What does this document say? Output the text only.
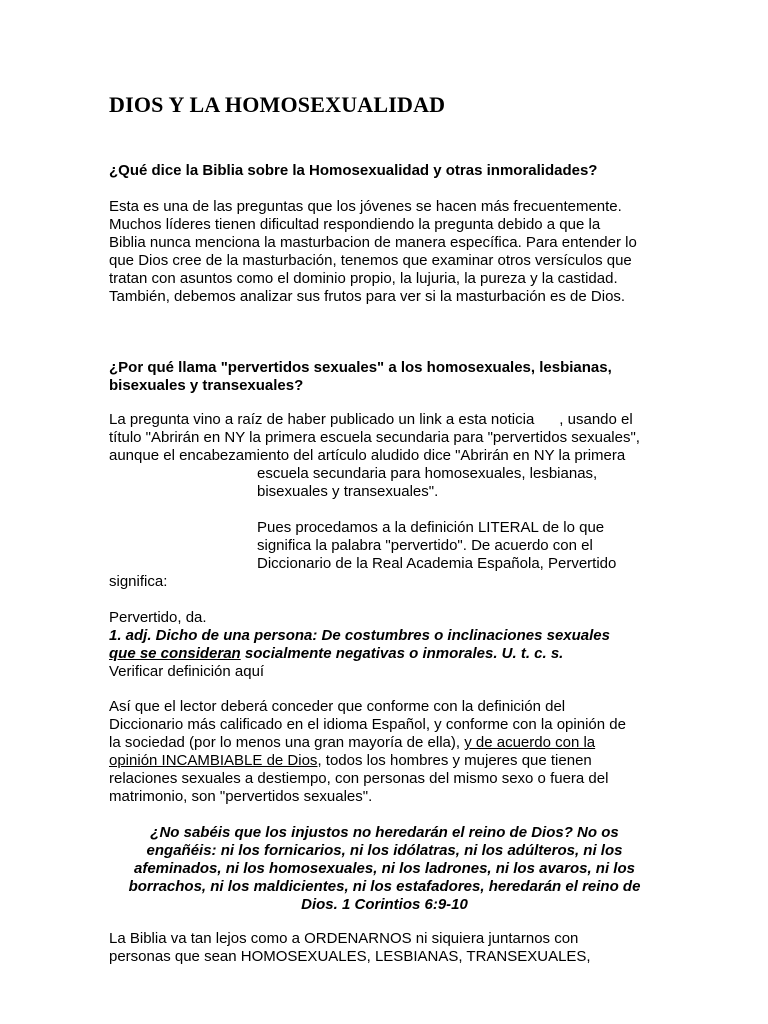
DIOS Y LA HOMOSEXUALIDAD

¿Qué dice la Biblia sobre la Homosexualidad y otras inmoralidades?

Esta es una de las preguntas que los jóvenes se hacen más frecuentemente.
Muchos líderes tienen dificultad respondiendo la pregunta debido a que la
Biblia nunca menciona la masturbacion de manera específica. Para entender lo
que Dios cree de la masturbación, tenemos que examinar otros versículos que
tratan con asuntos como el dominio propio, la lujuria, la pureza y la castidad.
También, debemos analizar sus frutos para ver si la masturbación es de Dios.
¿Por qué llama "pervertidos sexuales" a los homosexuales, lesbianas,
bisexuales y transexuales?
La pregunta vino a raíz de haber publicado un link a esta noticia      , usando el
título "Abrirán en NY la primera escuela secundaria para "pervertidos sexuales",
aunque el encabezamiento del artículo aludido dice "Abrirán en NY la primera
escuela secundaria para homosexuales, lesbianas,
bisexuales y transexuales".
Pues procedamos a la definición LITERAL de lo que
significa la palabra "pervertido". De acuerdo con el
Diccionario de la Real Academia Española, Pervertido

significa:

Pervertido, da.
1. adj. Dicho de una persona: De costumbres o inclinaciones sexuales
que se consideran socialmente negativas o inmorales. U. t. c. s.
Verificar definición aquí
Así que el lector deberá conceder que conforme con la definición del
Diccionario más calificado en el idioma Español, y conforme con la opinión de
la sociedad (por lo menos una gran mayoría de ella), y de acuerdo con la
opinión INCAMBIABLE de Dios, todos los hombres y mujeres que tienen
relaciones sexuales a destiempo, con personas del mismo sexo o fuera del
matrimonio, son "pervertidos sexuales".
¿No sabéis que los injustos no heredarán el reino de Dios? No os
engañéis: ni los fornicarios, ni los idólatras, ni los adúlteros, ni los
afeminados, ni los homosexuales, ni los ladrones, ni los avaros, ni los
borrachos, ni los maldicientes, ni los estafadores, heredarán el reino de
Dios. 1 Corintios 6:9-10
La Biblia va tan lejos como a ORDENARNOS ni siquiera juntarnos con
personas que sean HOMOSEXUALES, LESBIANAS, TRANSEXUALES,
